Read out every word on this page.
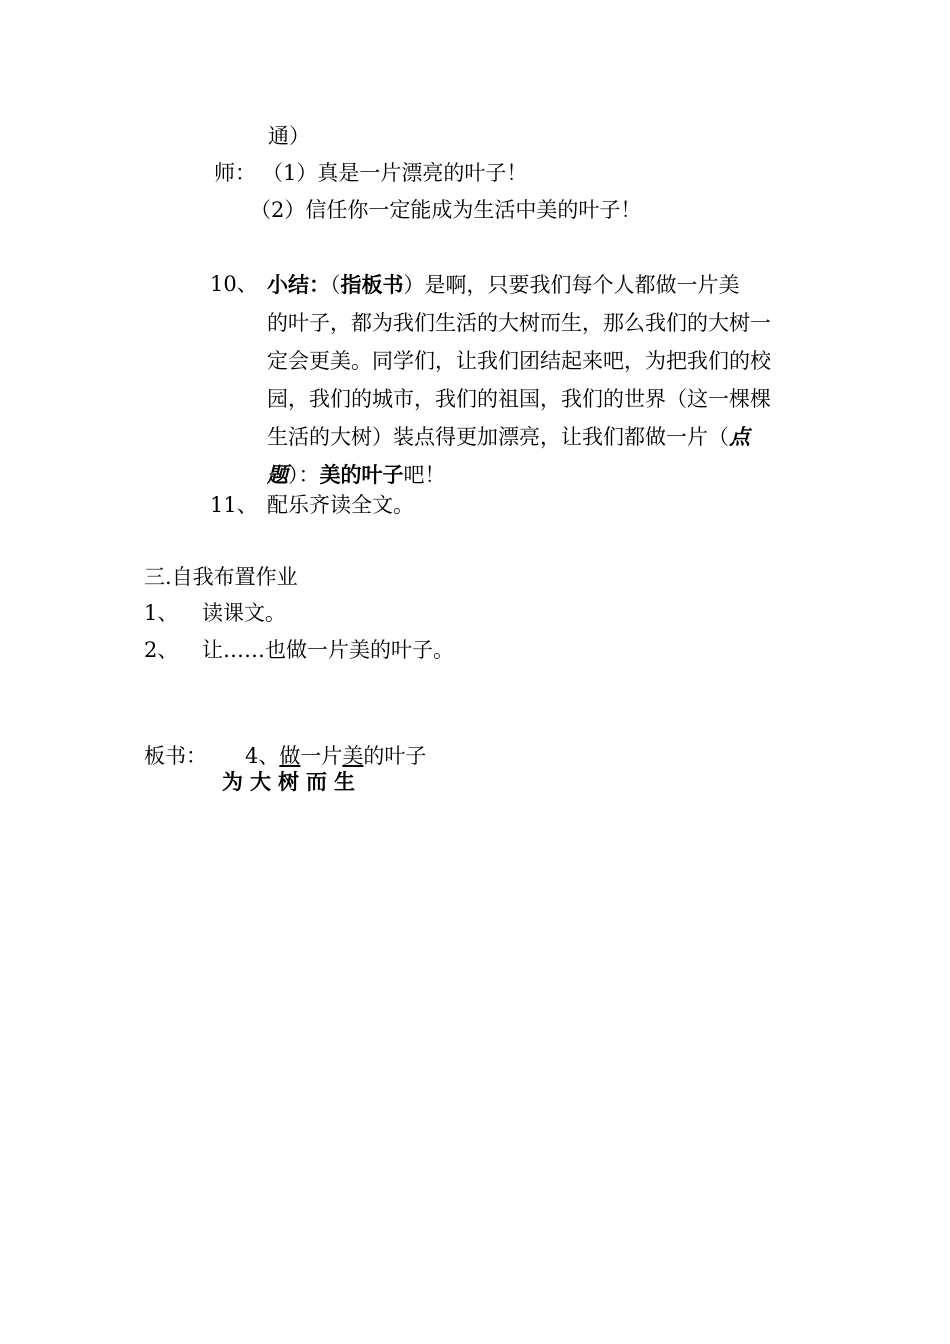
通）
师： （1）真是一片漂亮的叶子！
（2）信任你一定能成为生活中美的叶子！
10、 小结：（指板书）是啊，只要我们每个人都做一片美
的叶子，都为我们生活的大树而生，那么我们的大树一
定会更美。同学们，让我们团结起来吧，为把我们的校
园，我们的城市，我们的祖国，我们的世界（这一棵棵
生活的大树）装点得更加漂亮，让我们都做一片（点
题）：美的叶子吧！
11、 配乐齐读全文。
三.自我布置作业
1、 读课文。
2、 让……也做一片美的叶子。
板书： 4、做一片美的叶子
为大树而生
